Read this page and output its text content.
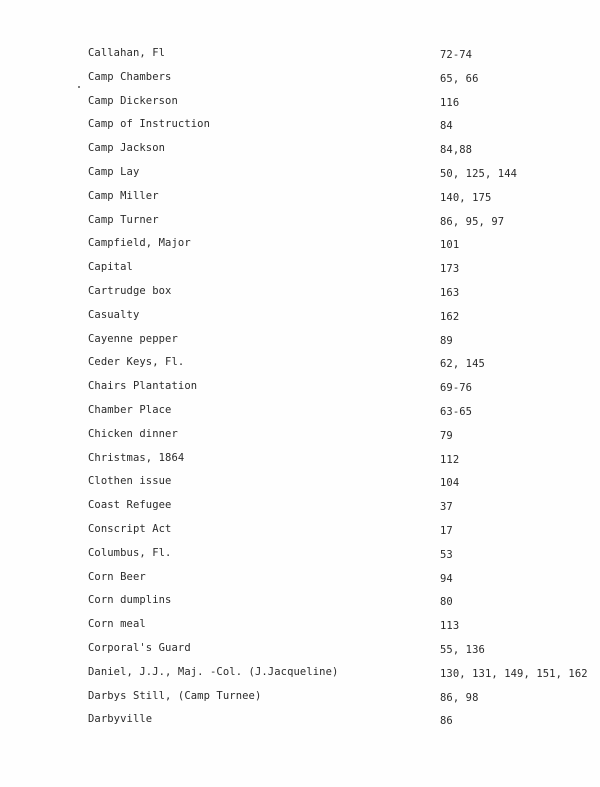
Callahan, Fl	72-74
Camp Chambers	65, 66
Camp Dickerson	116
Camp of Instruction	84
Camp Jackson	84,88
Camp Lay	50, 125, 144
Camp Miller	140, 175
Camp Turner	86, 95, 97
Campfield, Major	101
Capital	173
Cartrudge box	163
Casualty	162
Cayenne pepper	89
Ceder Keys, Fl.	62, 145
Chairs Plantation	69-76
Chamber Place	63-65
Chicken dinner	79
Christmas, 1864	112
Clothen issue	104
Coast Refugee	37
Conscript Act	17
Columbus, Fl.	53
Corn Beer	94
Corn dumplins	80
Corn meal	113
Corporal's Guard	55, 136
Daniel, J.J., Maj. -Col. (J.Jacqueline)	130, 131, 149, 151, 162
Darbys Still, (Camp Turnee)	86, 98
Darbyville	86
